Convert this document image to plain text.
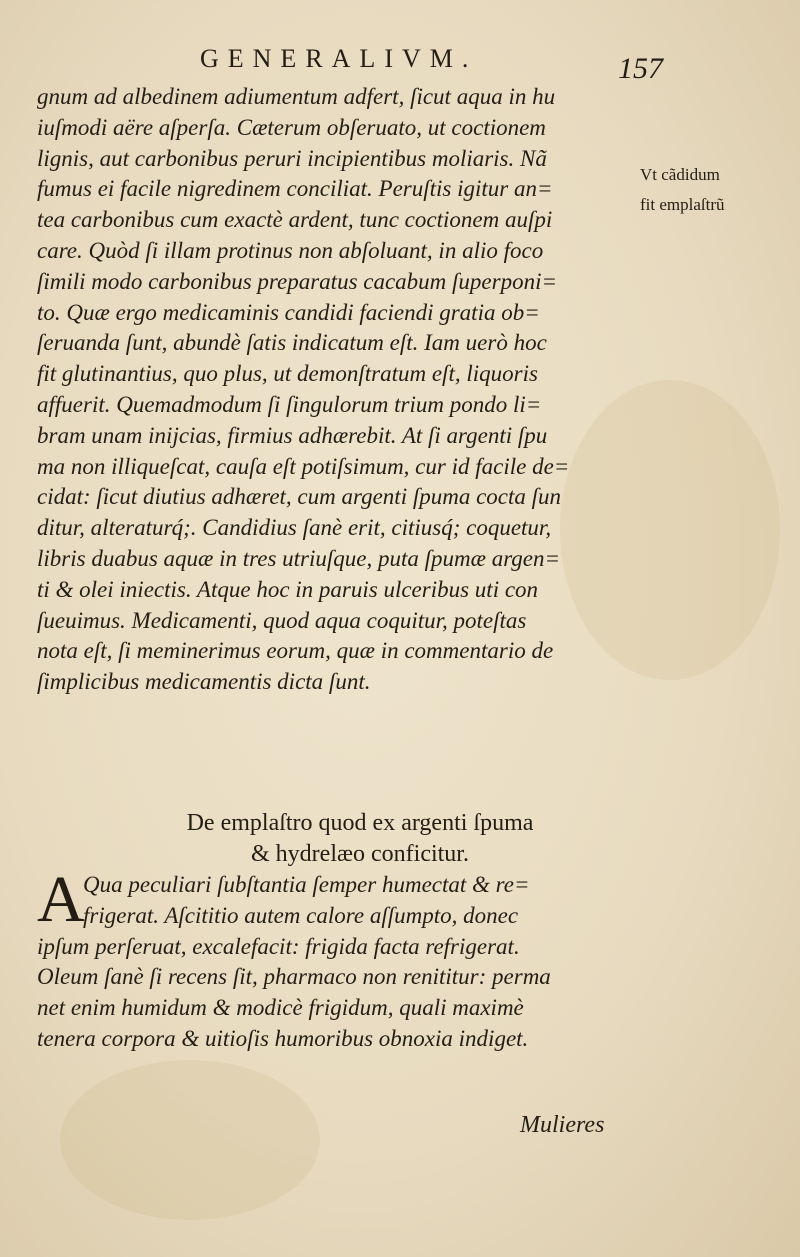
GENERALIVM.	157
gnum ad albedinem adiumentum adfert, ſicut aqua in hu
iuſmodi aëre aſperſa. Cæterum obſeruato, ut coctionem
lignis, aut carbonibus peruri incipientibus moliaris. Nã
fumus ei facile nigredinem conciliat. Peruſtis igitur an=
tea carbonibus cum exactè ardent, tunc coctionem auſpi
care. Quòd ſi illam protinus non abſoluant, in alio foco
ſimili modo carbonibus preparatus cacabum ſuperponi=
to. Quæ ergo medicaminis candidi faciendi gratia ob=
ſeruanda ſunt, abundè ſatis indicatum eſt. Iam uerò hoc
fit glutinantius, quo plus, ut demonſtratum eſt, liquoris
affuerit. Quemadmodum ſi ſingulorum trium pondo li=
bram unam inijcias, firmius adhærebit. At ſi argenti ſpu
ma non illiqueſcat, cauſa eſt potiſsimum, cur id facile de=
cidat: ſicut diutius adhæret, cum argenti ſpuma cocta ſun
ditur, alteraturq́;. Candidius ſanè erit, citiusq́; coquetur,
libris duabus aquæ in tres utriuſque, puta ſpumæ argen=
ti & olei iniectis. Atque hoc in paruis ulceribus uti con
ſueuimus. Medicamenti, quod aqua coquitur, poteſtas
nota eſt, ſi meminerimus eorum, quæ in commentario de
ſimplicibus medicamentis dicta ſunt.
Vt cãdidum
fit emplaſtrũ
De emplaſtro quod ex argenti ſpuma
& hydrelæo conficitur.
A
Qua peculiari ſubſtantia ſemper humectat & re=
frigerat. Aſcititio autem calore aſſumpto, donec
ipſum perſeruat, excalefacit: frigida facta refrigerat.
Oleum ſanè ſi recens ſit, pharmaco non renititur: perma
net enim humidum & modicè frigidum, quali maximè
tenera corpora & uitioſis humoribus obnoxia indiget.
Mulieres
